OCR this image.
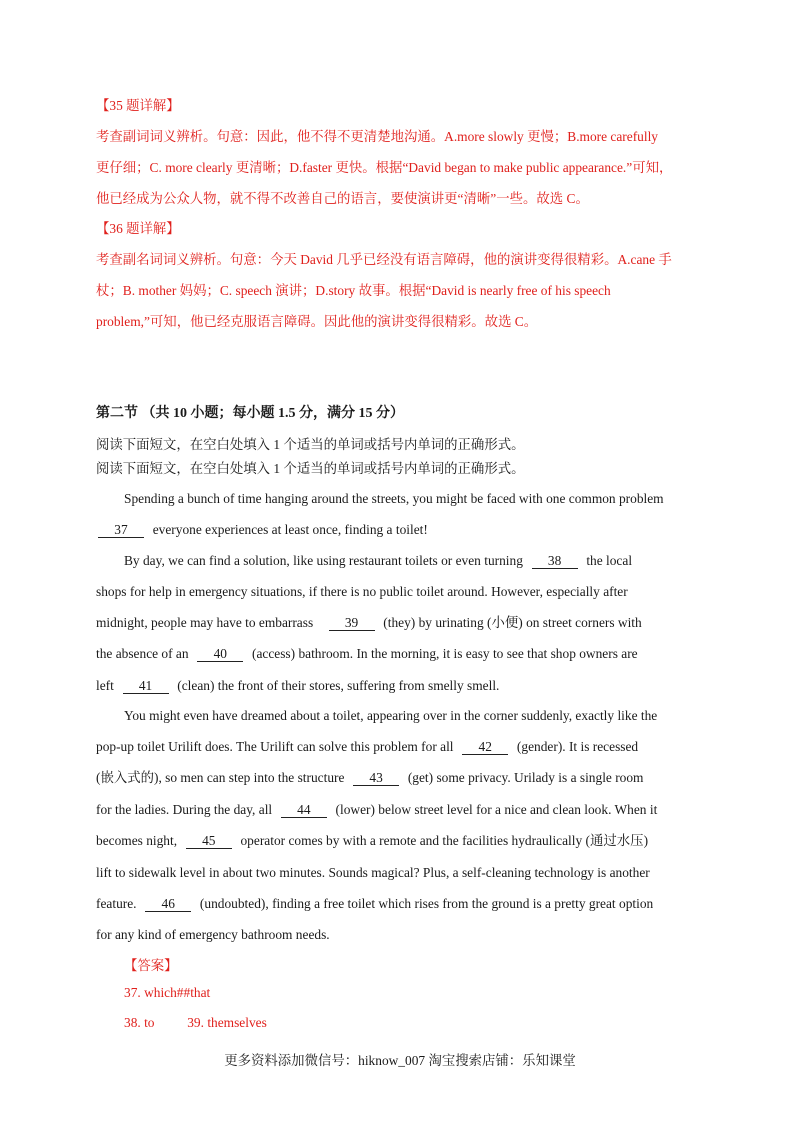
【35 题详解】
考查副词词义辨析。句意：因此，他不得不更清楚地沟通。A.more slowly 更慢；B.more carefully
更仔细；C. more clearly 更清晰；D.faster 更快。根据“David began to make public appearance.”可知，
他已经成为公众人物，就不得不改善自己的语言，要使演讲更“清晰”一些。故选 C。
【36 题详解】
考查副名词词义辨析。句意：今天 David 几乎已经没有语言障碍，他的演讲变得很精彩。A.cane 手
杖；B. mother 妈妈；C. speech 演讲；D.story 故事。根据“David is nearly free of his speech
problem,”可知，他已经克服语言障碍。因此他的演讲变得很精彩。故选 C。
第二节 （共 10 小题；每小题 1.5 分，满分 15 分）
阅读下面短文，在空白处填入 1 个适当的单词或括号内单词的正确形式。
阅读下面短文，在空白处填入 1 个适当的单词或括号内单词的正确形式。
Spending a bunch of time hanging around the streets, you might be faced with one common problem
37 everyone experiences at least once, finding a toilet!
By day, we can find a solution, like using restaurant toilets or even turning 38 the local
shops for help in emergency situations, if there is no public toilet around. However, especially after
midnight, people may have to embarrass 39 (they) by urinating (小便) on street corners with
the absence of an 40 (access) bathroom. In the morning, it is easy to see that shop owners are
left 41 (clean) the front of their stores, suffering from smelly smell.
You might even have dreamed about a toilet, appearing over in the corner suddenly, exactly like the
pop-up toilet Urilift does. The Urilift can solve this problem for all 42 (gender). It is recessed
(嵌入式的), so men can step into the structure 43 (get) some privacy. Urilady is a single room
for the ladies. During the day, all 44 (lower) below street level for a nice and clean look. When it
becomes night, 45 operator comes by with a remote and the facilities hydraulically (通过水压)
lift to sidewalk level in about two minutes. Sounds magical? Plus, a self-cleaning technology is another
feature. 46 (undoubted), finding a free toilet which rises from the ground is a pretty great option
for any kind of emergency bathroom needs.
【答案】
37. which##that
38. to 39. themselves
更多资料添加微信号：hiknow_007 淘宝搜索店铺：乐知课堂
